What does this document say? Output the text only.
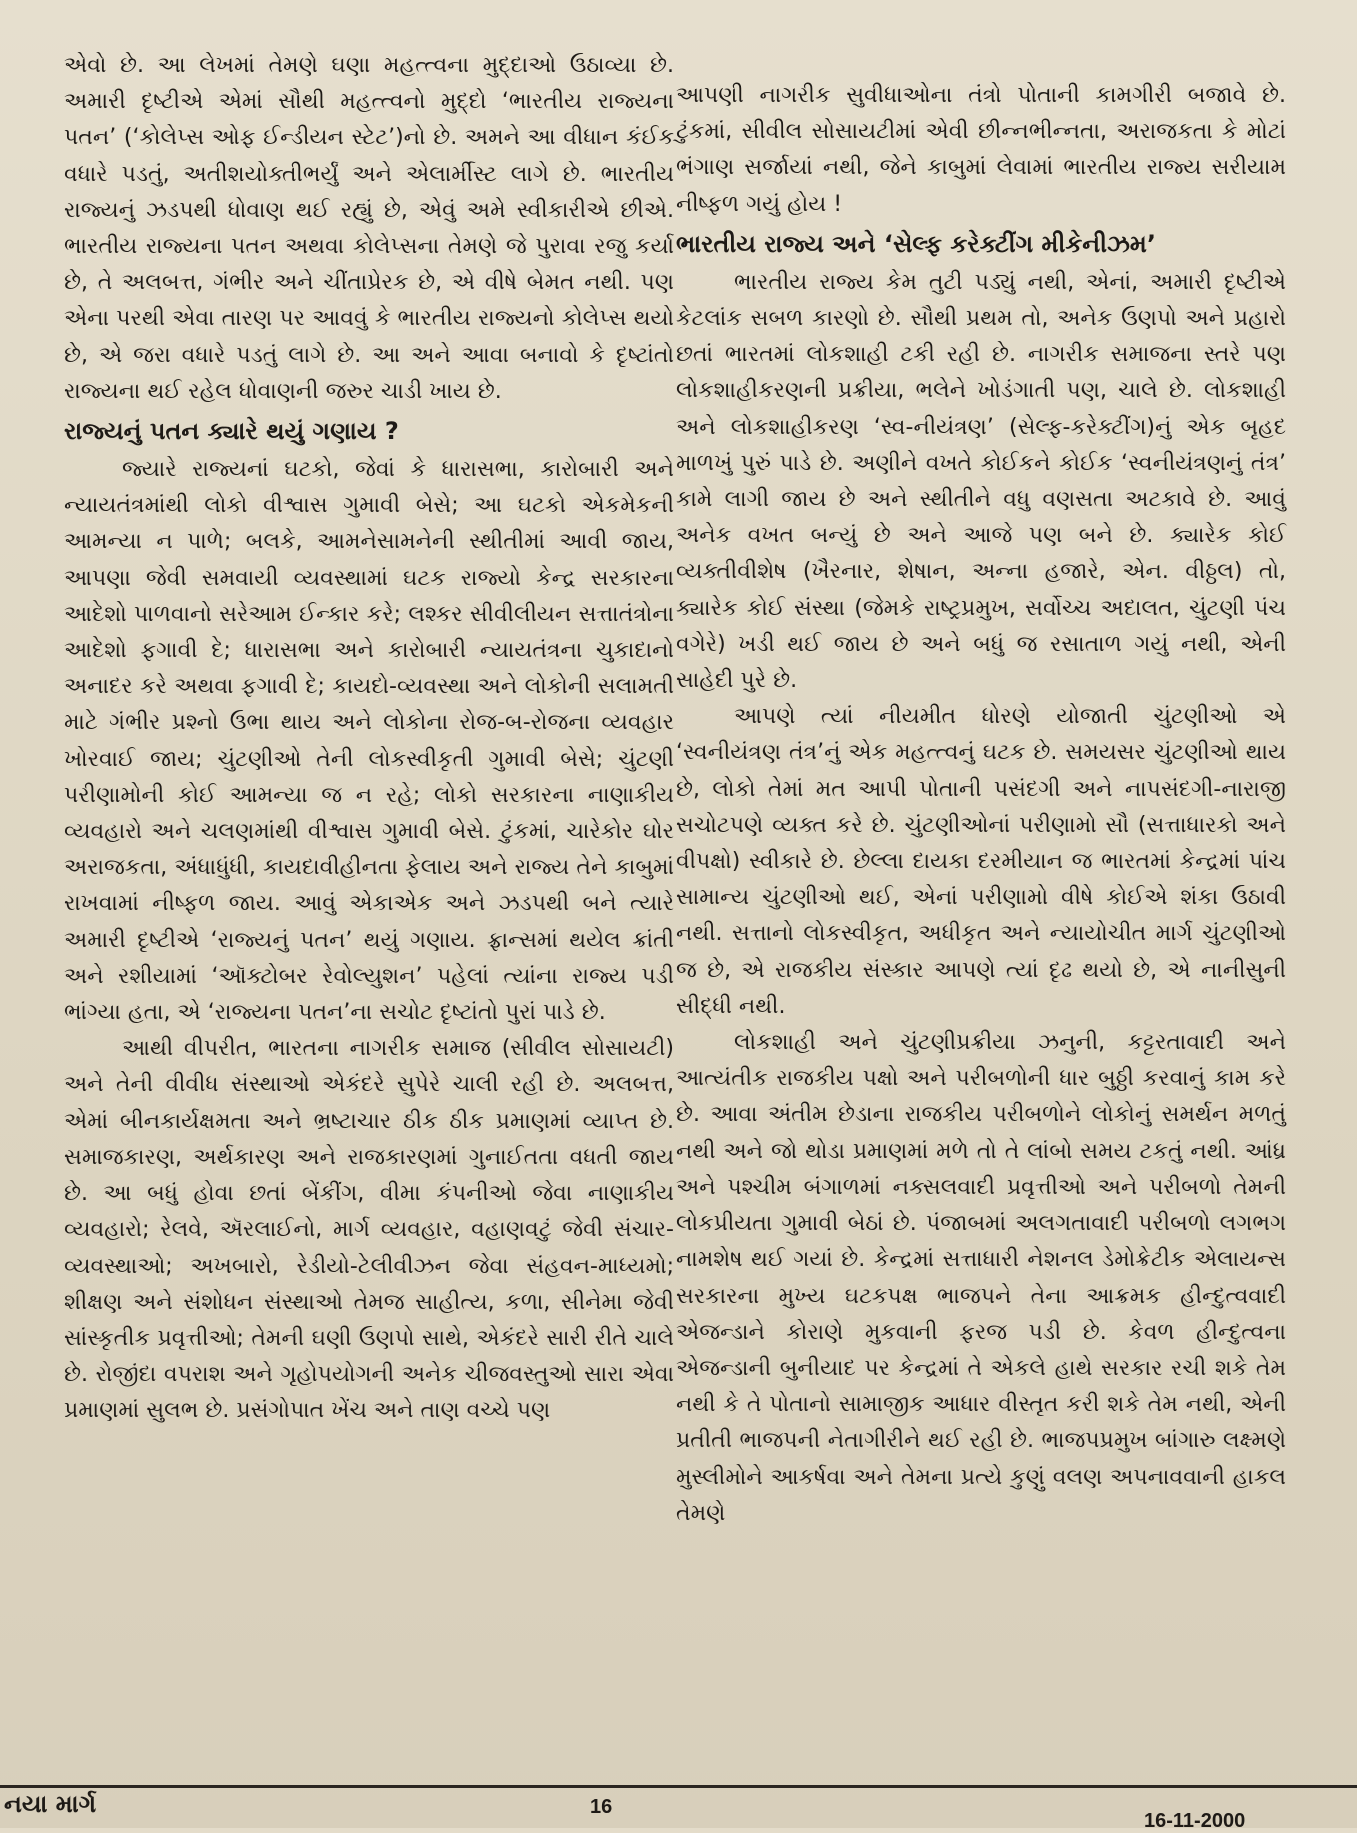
એવો છે. આ લેખમાં તેમણે ઘણા મહત્ત્વના મુદ્દાઓ ઉઠાવ્યા છે. અમારી દૃષ્ટીએ એમાં સૌથી મહત્ત્વનો મુદ્દો ‘ભારતીય રાજ્યના પતન’ (‘કોલેપ્સ ઓફ ઈન્ડીયન સ્ટેટ’)નો છે. અમને આ વીધાન કંઈક વધારે પડતું, અતીશયોક્તીભર્યું અને એલાર્મીસ્ટ લાગે છે. ભારતીય રાજ્યનું ઝડપથી ધોવાણ થઈ રહ્યું છે, એવું અમે સ્વીકારીએ છીએ. ભારતીય રાજ્યના પતન અથવા કોલેપ્સના તેમણે જે પુરાવા રજુ કર્યા છે, તે અલબત્ત, ગંભીર અને ચીંતાપ્રેરક છે, એ વીષે બેમત નથી. પણ એના પરથી એવા તારણ પર આવવું કે ભારતીય રાજ્યનો કોલેપ્સ થયો છે, એ જરા વધારે પડતું લાગે છે. આ અને આવા બનાવો કે દૃષ્ટાંતો રાજ્યના થઈ રહેલ ધોવાણની જરુર ચાડી ખાય છે.

રાજ્યનું પતન ક્યારે થયું ગણાય ?

જ્યારે રાજ્યનાં ઘટકો, જેવાં કે ધારાસભા, કારોબારી અને ન્યાયતંત્રમાંથી લોકો વીશ્વાસ ગુમાવી બેસે; આ ઘટકો એકમેકની આમન્યા ન પાળે; બલકે, આમનેસામનેની સ્થીતીમાં આવી જાય, આપણા જેવી સમવાયી વ્યવસ્થામાં ઘટક રાજ્યો કેન્દ્ર સરકારના આદેશો પાળવાનો સરેઆમ ઈન્કાર કરે; લશ્કર સીવીલીયન સત્તાતંત્રોના આદેશો ફગાવી દે; ધારાસભા અને કારોબારી ન્યાયતંત્રના ચુકાદાનો અનાદર કરે અથવા ફગાવી દે; કાયદો-વ્યવસ્થા અને લોકોની સલામતી માટે ગંભીર પ્રશ્નો ઉભા થાય અને લોકોના રોજ-બ-રોજના વ્યવહાર ખોરવાઈ જાય; ચુંટણીઓ તેની લોકસ્વીકૃતી ગુમાવી બેસે; ચુંટણી પરીણામોની કોઈ આમન્યા જ ન રહે; લોકો સરકારના નાણાકીય વ્યવહારો અને ચલણમાંથી વીશ્વાસ ગુમાવી બેસે. ટુંકમાં, ચારેકોર ઘોર અરાજકતા, અંધાધુંધી, કાયદાવીહીનતા ફેલાય અને રાજ્ય તેને કાબુમાં રાખવામાં નીષ્ફળ જાય. આવું એકાએક અને ઝડપથી બને ત્યારે અમારી દૃષ્ટીએ ‘રાજ્યનું પતન’ થયું ગણાય. ફ્રાન્સમાં થયેલ ક્રાંતી અને રશીયામાં ‘ઑક્ટોબર રેવોલ્યુશન’ પહેલાં ત્યાંના રાજ્ય પડી ભાંગ્યા હતા, એ ‘રાજ્યના પતન’ના સચોટ દૃષ્ટાંતો પુરાં પાડે છે.

આથી વીપરીત, ભારતના નાગરીક સમાજ (સીવીલ સોસાયટી) અને તેની વીવીધ સંસ્થાઓ એકંદરે સુપેરે ચાલી રહી છે. અલબત્ત, એમાં બીનકાર્યક્ષમતા અને ભ્રષ્ટાચાર ઠીક ઠીક પ્રમાણમાં વ્યાપ્ત છે. સમાજકારણ, અર્થકારણ અને રાજકારણમાં ગુનાઈતતા વધતી જાય છે. આ બધું હોવા છતાં બેંકીંગ, વીમા કંપનીઓ જેવા નાણાકીય વ્યવહારો; રેલવે, ઍરલાઈનો, માર્ગ વ્યવહાર, વહાણવટું જેવી સંચાર-વ્યવસ્થાઓ; અખબારો, રેડીયો-ટેલીવીઝન જેવા સંહવન-માધ્યમો; શીક્ષણ અને સંશોધન સંસ્થાઓ તેમજ સાહીત્ય, કળા, સીનેમા જેવી સાંસ્કૃતીક પ્રવૃત્તીઓ; તેમની ઘણી ઉણપો સાથે, એકંદરે સારી રીતે ચાલે છે. રોજીંદા વપરાશ અને ગૃહોપયોગની અનેક ચીજવસ્તુઓ સારા એવા પ્રમાણમાં સુલભ છે. પ્રસંગોપાત ખેંચ અને તાણ વચ્ચે પણ

આપણી નાગરીક સુવીધાઓના તંત્રો પોતાની કામગીરી બજાવે છે. ટુંકમાં, સીવીલ સોસાયટીમાં એવી છીન્નભીન્નતા, અરાજકતા કે મોટાં ભંગાણ સર્જાયાં નથી, જેને કાબુમાં લેવામાં ભારતીય રાજ્ય સરીયામ નીષ્ફળ ગયું હોય !

ભારતીય રાજ્ય અને ‘સેલ્ફ કરેક્ટીંગ મીકેનીઝમ’

ભારતીય રાજ્ય કેમ તુટી પડ્યું નથી, એનાં, અમારી દૃષ્ટીએ કેટલાંક સબળ કારણો છે. સૌથી પ્રથમ તો, અનેક ઉણપો અને પ્રહારો છતાં ભારતમાં લોકશાહી ટકી રહી છે. નાગરીક સમાજના સ્તરે પણ લોકશાહીકરણની પ્રક્રીયા, ભલેને ખોડંગાતી પણ, ચાલે છે. લોકશાહી અને લોકશાહીકરણ ‘સ્વ-નીયંત્રણ’ (સેલ્ફ-કરેક્ટીંગ)નું એક બૃહદ માળખું પુરું પાડે છે. અણીને વખતે કોઈકને કોઈક ‘સ્વનીયંત્રણનું તંત્ર’ કામે લાગી જાય છે અને સ્થીતીને વધુ વણસતા અટકાવે છે. આવું અનેક વખત બન્યું છે અને આજે પણ બને છે. ક્યારેક કોઈ વ્યક્તીવીશેષ (ખૈરનાર, શેષાન, અન્ના હજારે, એન. વીઠ્ઠલ) તો, ક્યારેક કોઈ સંસ્થા (જેમકે રાષ્ટ્રપ્રમુખ, સર્વોચ્ચ અદાલત, ચુંટણી પંચ વગેરે) ખડી થઈ જાય છે અને બધું જ રસાતાળ ગયું નથી, એની સાહેદી પુરે છે.

આપણે ત્યાં નીયમીત ધોરણે યોજાતી ચુંટણીઓ એ ‘સ્વનીયંત્રણ તંત્ર’નું એક મહત્ત્વનું ઘટક છે. સમયસર ચુંટણીઓ થાય છે, લોકો તેમાં મત આપી પોતાની પસંદગી અને નાપસંદગી-નારાજી સચોટપણે વ્યક્ત કરે છે. ચુંટણીઓનાં પરીણામો સૌ (સત્તાધારકો અને વીપક્ષો) સ્વીકારે છે. છેલ્લા દાયકા દરમીયાન જ ભારતમાં કેન્દ્રમાં પાંચ સામાન્ય ચુંટણીઓ થઈ, એનાં પરીણામો વીષે કોઈએ શંકા ઉઠાવી નથી. સત્તાનો લોકસ્વીકૃત, અધીકૃત અને ન્યાયોચીત માર્ગ ચુંટણીઓ જ છે, એ રાજકીય સંસ્કાર આપણે ત્યાં દૃઢ થયો છે, એ નાનીસુની સીદ્ધી નથી.

લોકશાહી અને ચુંટણીપ્રક્રીયા ઝનુની, કટ્ટરતાવાદી અને આત્યંતીક રાજકીય પક્ષો અને પરીબળોની ધાર બુઠ્ઠી કરવાનું કામ કરે છે. આવા અંતીમ છેડાના રાજકીય પરીબળોને લોકોનું સમર્થન મળતું નથી અને જો થોડા પ્રમાણમાં મળે તો તે લાંબો સમય ટકતું નથી. આંધ્ર અને પશ્ચીમ બંગાળમાં નક્સલવાદી પ્રવૃત્તીઓ અને પરીબળો તેમની લોકપ્રીયતા ગુમાવી બેઠાં છે. પંજાબમાં અલગતાવાદી પરીબળો લગભગ નામશેષ થઈ ગયાં છે. કેન્દ્રમાં સત્તાધારી નેશનલ ડેમોક્રેટીક એલાયન્સ સરકારના મુખ્ય ઘટકપક્ષ ભાજપને તેના આક્રમક હીન્દુત્વવાદી એજન્ડાને કોરાણે મુકવાની ફરજ પડી છે. કેવળ હીન્દુત્વના એજન્ડાની બુનીયાદ પર કેન્દ્રમાં તે એકલે હાથે સરકાર રચી શકે તેમ નથી કે તે પોતાનો સામાજીક આધાર વીસ્તૃત કરી શકે તેમ નથી, એની પ્રતીતી ભાજપની નેતાગીરીને થઈ રહી છે. ભાજપપ્રમુખ બાંગારુ લક્ષ્મણે મુસ્લીમોને આકર્ષવા અને તેમના પ્રત્યે કુણું વલણ અપનાવવાની હાકલ તેમણે

નયા માર્ગ	16
16-11-2000
